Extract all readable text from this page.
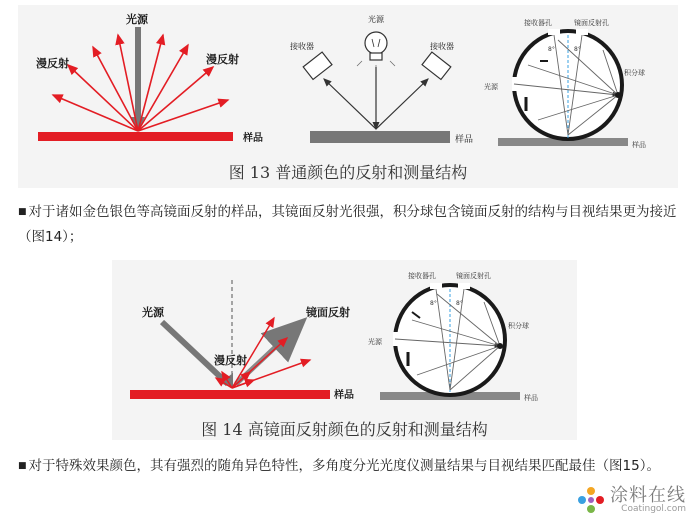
光源
漫反射	漫反射
样品
光源
接收器	接收器
样品
8°	8°
接收器孔	镜面反射孔
光源
积分球
样品
图 13 普通颜色的反射和测量结构
■ 对于诸如金色银色等高镜面反射的样品，其镜面反射光很强，积分球包含镜面反射的结构与目视结果更为接近（图14）；
光源	镜面反射
漫反射
样品
8°	8°
接收器孔	镜面反射孔
光源
积分球
样品
图 14 高镜面反射颜色的反射和测量结构
■ 对于特殊效果颜色，其有强烈的随角异色特性，多角度分光光度仪测量结果与目视结果匹配最佳（图15）。
涂料在线
Coatingol.com
